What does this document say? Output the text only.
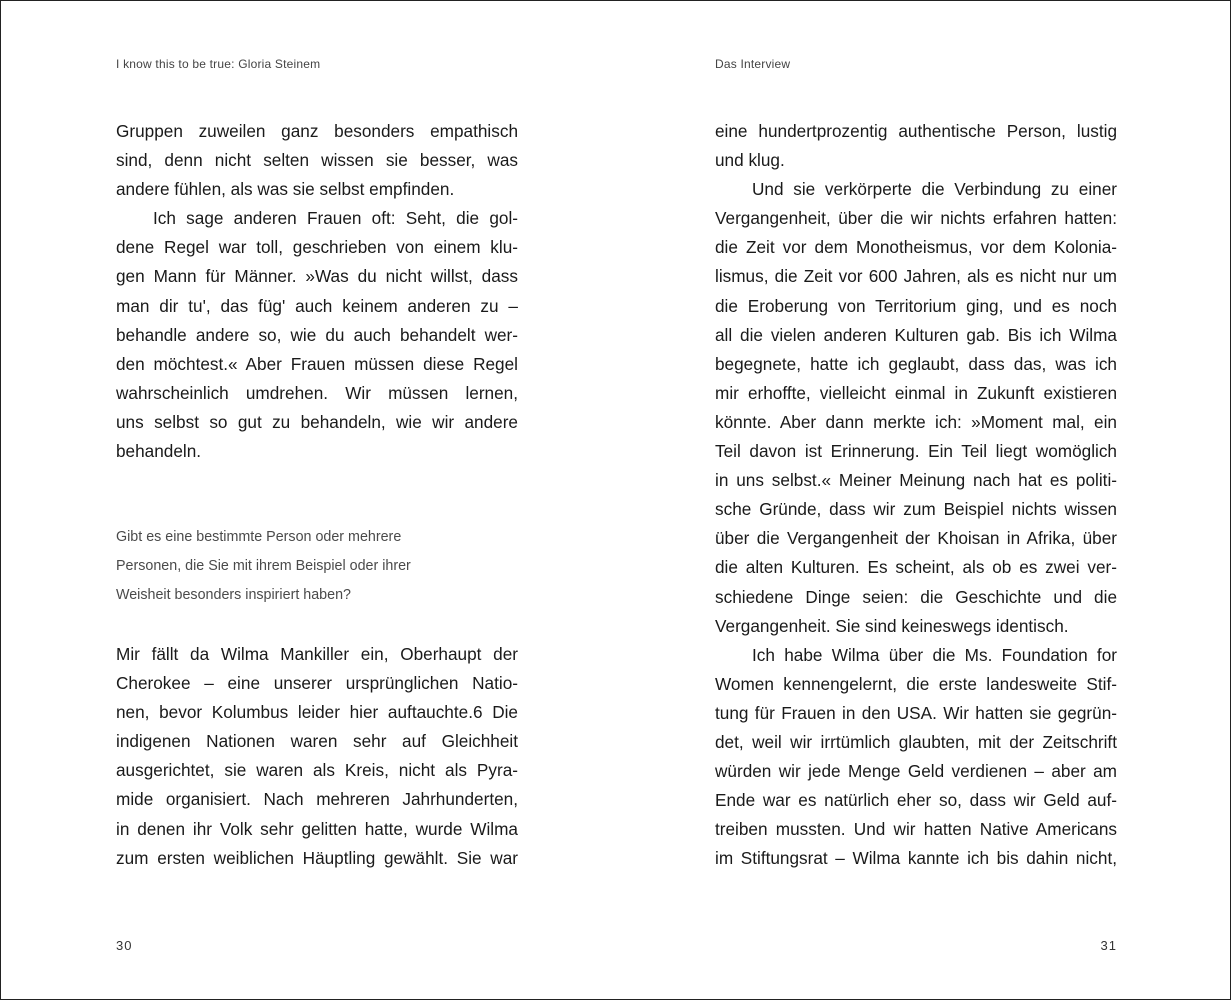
I know this to be true: Gloria Steinem
Gruppen zuweilen ganz besonders empathisch
sind, denn nicht selten wissen sie besser, was
andere fühlen, als was sie selbst empfinden.
Ich sage anderen Frauen oft: Seht, die gol-
dene Regel war toll, geschrieben von einem klu-
gen Mann für Männer. »Was du nicht willst, dass
man dir tu', das füg' auch keinem anderen zu –
behandle andere so, wie du auch behandelt wer-
den möchtest.« Aber Frauen müssen diese Regel
wahrscheinlich umdrehen. Wir müssen lernen,
uns selbst so gut zu behandeln, wie wir andere
behandeln.
Gibt es eine bestimmte Person oder mehrere
Personen, die Sie mit ihrem Beispiel oder ihrer
Weisheit besonders inspiriert haben?
Mir fällt da Wilma Mankiller ein, Oberhaupt der
Cherokee – eine unserer ursprünglichen Natio-
nen, bevor Kolumbus leider hier auftauchte.6 Die
indigenen Nationen waren sehr auf Gleichheit
ausgerichtet, sie waren als Kreis, nicht als Pyra-
mide organisiert. Nach mehreren Jahrhunderten,
in denen ihr Volk sehr gelitten hatte, wurde Wilma
zum ersten weiblichen Häuptling gewählt. Sie war
30
Das Interview
eine hundertprozentig authentische Person, lustig
und klug.
Und sie verkörperte die Verbindung zu einer
Vergangenheit, über die wir nichts erfahren hatten:
die Zeit vor dem Monotheismus, vor dem Kolonia-
lismus, die Zeit vor 600 Jahren, als es nicht nur um
die Eroberung von Territorium ging, und es noch
all die vielen anderen Kulturen gab. Bis ich Wilma
begegnete, hatte ich geglaubt, dass das, was ich
mir erhoffte, vielleicht einmal in Zukunft existieren
könnte. Aber dann merkte ich: »Moment mal, ein
Teil davon ist Erinnerung. Ein Teil liegt womöglich
in uns selbst.« Meiner Meinung nach hat es politi-
sche Gründe, dass wir zum Beispiel nichts wissen
über die Vergangenheit der Khoisan in Afrika, über
die alten Kulturen. Es scheint, als ob es zwei ver-
schiedene Dinge seien: die Geschichte und die
Vergangenheit. Sie sind keineswegs identisch.
Ich habe Wilma über die Ms. Foundation for
Women kennengelernt, die erste landesweite Stif-
tung für Frauen in den USA. Wir hatten sie gegrün-
det, weil wir irrtümlich glaubten, mit der Zeitschrift
würden wir jede Menge Geld verdienen – aber am
Ende war es natürlich eher so, dass wir Geld auf-
treiben mussten. Und wir hatten Native Americans
im Stiftungsrat – Wilma kannte ich bis dahin nicht,
31
